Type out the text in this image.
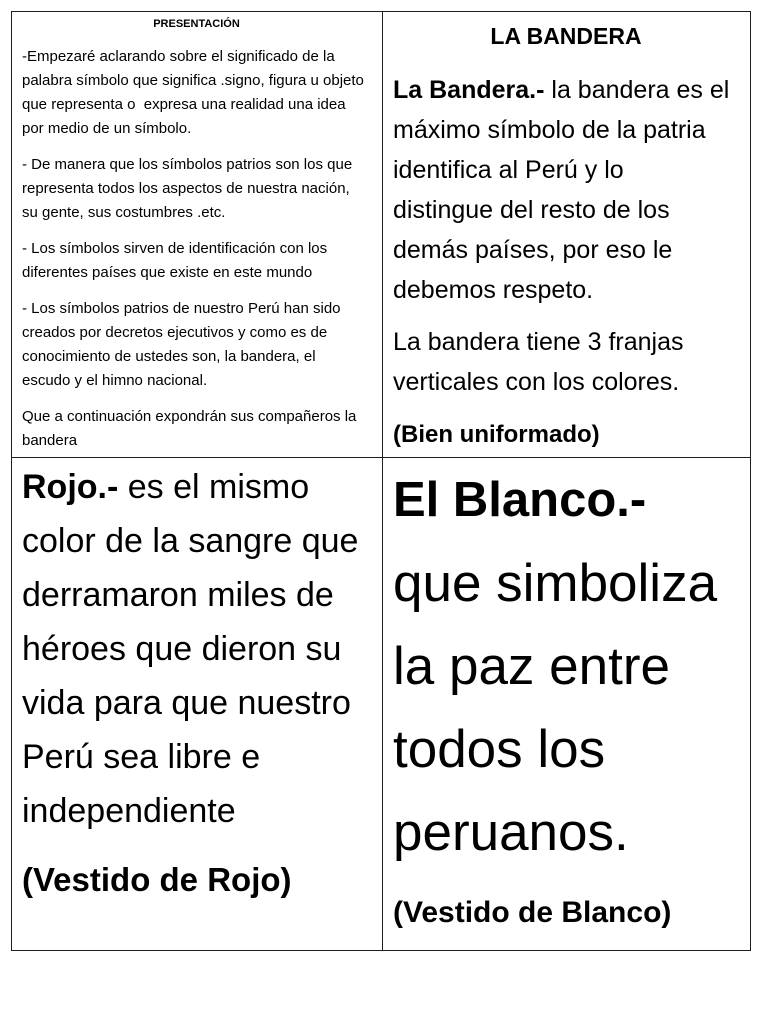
PRESENTACIÓN
-Empezaré aclarando sobre el significado de la
palabra símbolo que significa .signo, figura u objeto
que representa o  expresa una realidad una idea
por medio de un símbolo.
- De manera que los símbolos patrios son los que
representa todos los aspectos de nuestra nación,
su gente, sus costumbres .etc.
- Los símbolos sirven de identificación con los
diferentes países que existe en este mundo
- Los símbolos patrios de nuestro Perú han sido
creados por decretos ejecutivos y como es de
conocimiento de ustedes son, la bandera, el
escudo y el himno nacional.
Que a continuación expondrán sus compañeros la
bandera
LA BANDERA
La Bandera.- la bandera es el
máximo símbolo de la patria
identifica al Perú y lo
distingue del resto de los
demás países, por eso le
debemos respeto.
La bandera tiene 3 franjas
verticales con los colores.
(Bien uniformado)
Rojo.- es el mismo
color de la sangre que
derramaron miles de
héroes que dieron su
vida para que nuestro
Perú sea libre e
independiente
(Vestido de Rojo)
El Blanco.-
que simboliza
la paz entre
todos los
peruanos.
(Vestido de Blanco)
